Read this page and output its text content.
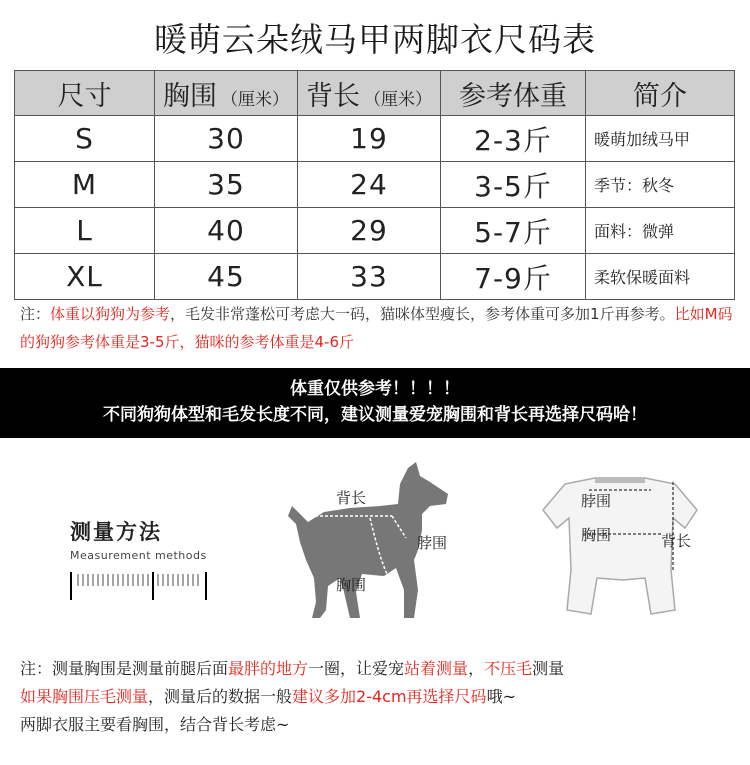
暖萌云朵绒马甲两脚衣尺码表
尺寸	胸围 （厘米）	背长 （厘米）	参考体重	简介
S	30	19	2-3斤	暖萌加绒马甲
M	35	24	3-5斤	季节：秋冬
L	40	29	5-7斤	面料：微弹
XL	45	33	7-9斤	柔软保暖面料
注：体重以狗狗为参考，毛发非常蓬松可考虑大一码，猫咪体型瘦长，参考体重可多加1斤再参考。比如M码的狗狗参考体重是3-5斤，猫咪的参考体重是4-6斤
体重仅供参考！！！！
不同狗狗体型和毛发长度不同，建议测量爱宠胸围和背长再选择尺码哈！
测量方法
Measurement methods
背长
脖围
胸围
脖围
胸围	背长
注：测量胸围是测量前腿后面最胖的地方一圈，让爱宠站着测量，不压毛测量
如果胸围压毛测量，测量后的数据一般建议多加2-4cm再选择尺码哦~
两脚衣服主要看胸围，结合背长考虑~
